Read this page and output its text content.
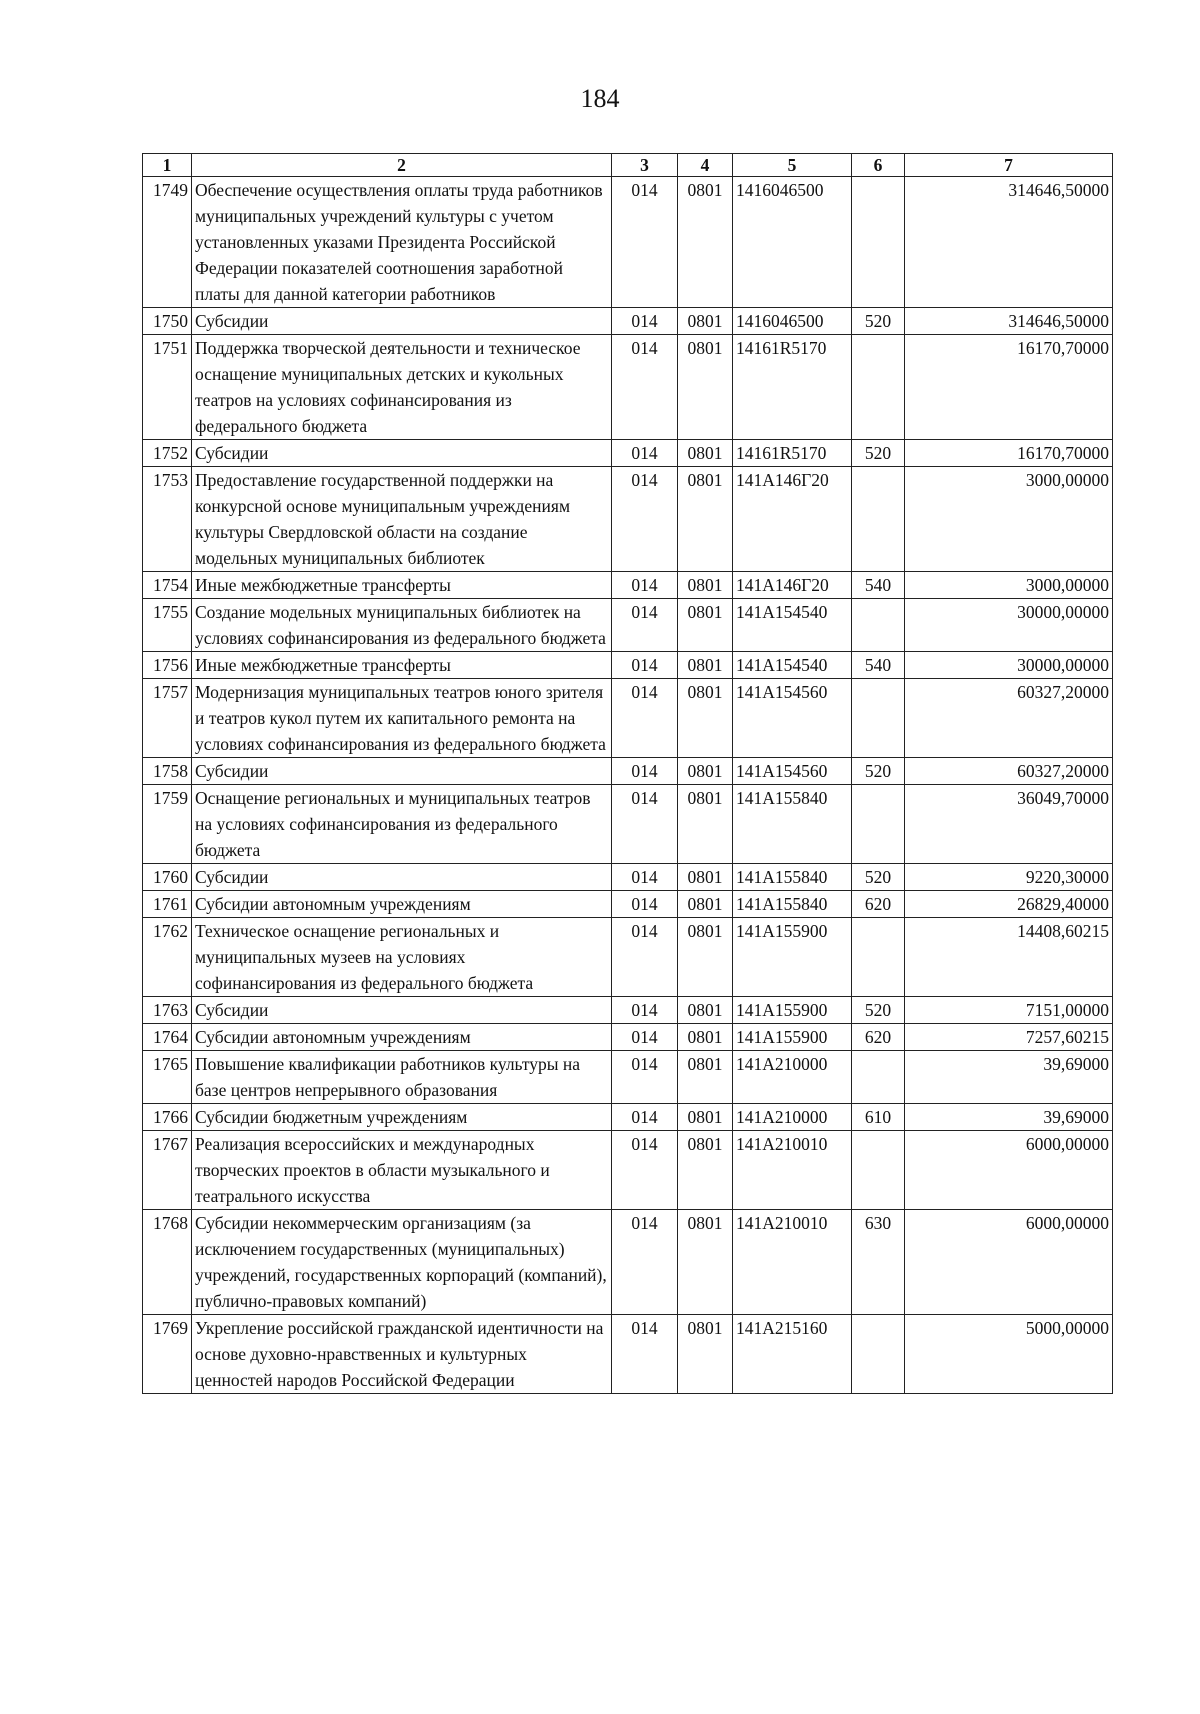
184
1	2	3	4	5	6	7
1749	Обеспечение осуществления оплаты труда работников муниципальных учреждений культуры с учетом установленных указами Президента Российской Федерации показателей соотношения заработной платы для данной категории работников	014	0801	1416046500		314646,50000
1750	Субсидии	014	0801	1416046500	520	314646,50000
1751	Поддержка творческой деятельности и техническое оснащение муниципальных детских и кукольных театров на условиях софинансирования из федерального бюджета	014	0801	14161R5170		16170,70000
1752	Субсидии	014	0801	14161R5170	520	16170,70000
1753	Предоставление государственной поддержки на конкурсной основе муниципальным учреждениям культуры Свердловской области на создание модельных муниципальных библиотек	014	0801	141A146Г20		3000,00000
1754	Иные межбюджетные трансферты	014	0801	141A146Г20	540	3000,00000
1755	Создание модельных муниципальных библиотек на условиях софинансирования из федерального бюджета	014	0801	141A154540		30000,00000
1756	Иные межбюджетные трансферты	014	0801	141A154540	540	30000,00000
1757	Модернизация муниципальных театров юного зрителя и театров кукол путем их капитального ремонта на условиях софинансирования из федерального бюджета	014	0801	141A154560		60327,20000
1758	Субсидии	014	0801	141A154560	520	60327,20000
1759	Оснащение региональных и муниципальных театров на условиях софинансирования из федерального бюджета	014	0801	141A155840		36049,70000
1760	Субсидии	014	0801	141A155840	520	9220,30000
1761	Субсидии автономным учреждениям	014	0801	141A155840	620	26829,40000
1762	Техническое оснащение региональных и муниципальных музеев на условиях софинансирования из федерального бюджета	014	0801	141A155900		14408,60215
1763	Субсидии	014	0801	141A155900	520	7151,00000
1764	Субсидии автономным учреждениям	014	0801	141A155900	620	7257,60215
1765	Повышение квалификации работников культуры на базе центров непрерывного образования	014	0801	141A210000		39,69000
1766	Субсидии бюджетным учреждениям	014	0801	141A210000	610	39,69000
1767	Реализация всероссийских и международных творческих проектов в области музыкального и театрального искусства	014	0801	141A210010		6000,00000
1768	Субсидии некоммерческим организациям (за исключением государственных (муниципальных) учреждений, государственных корпораций (компаний), публично-правовых компаний)	014	0801	141A210010	630	6000,00000
1769	Укрепление российской гражданской идентичности на основе духовно-нравственных и культурных ценностей народов Российской Федерации	014	0801	141A215160		5000,00000
